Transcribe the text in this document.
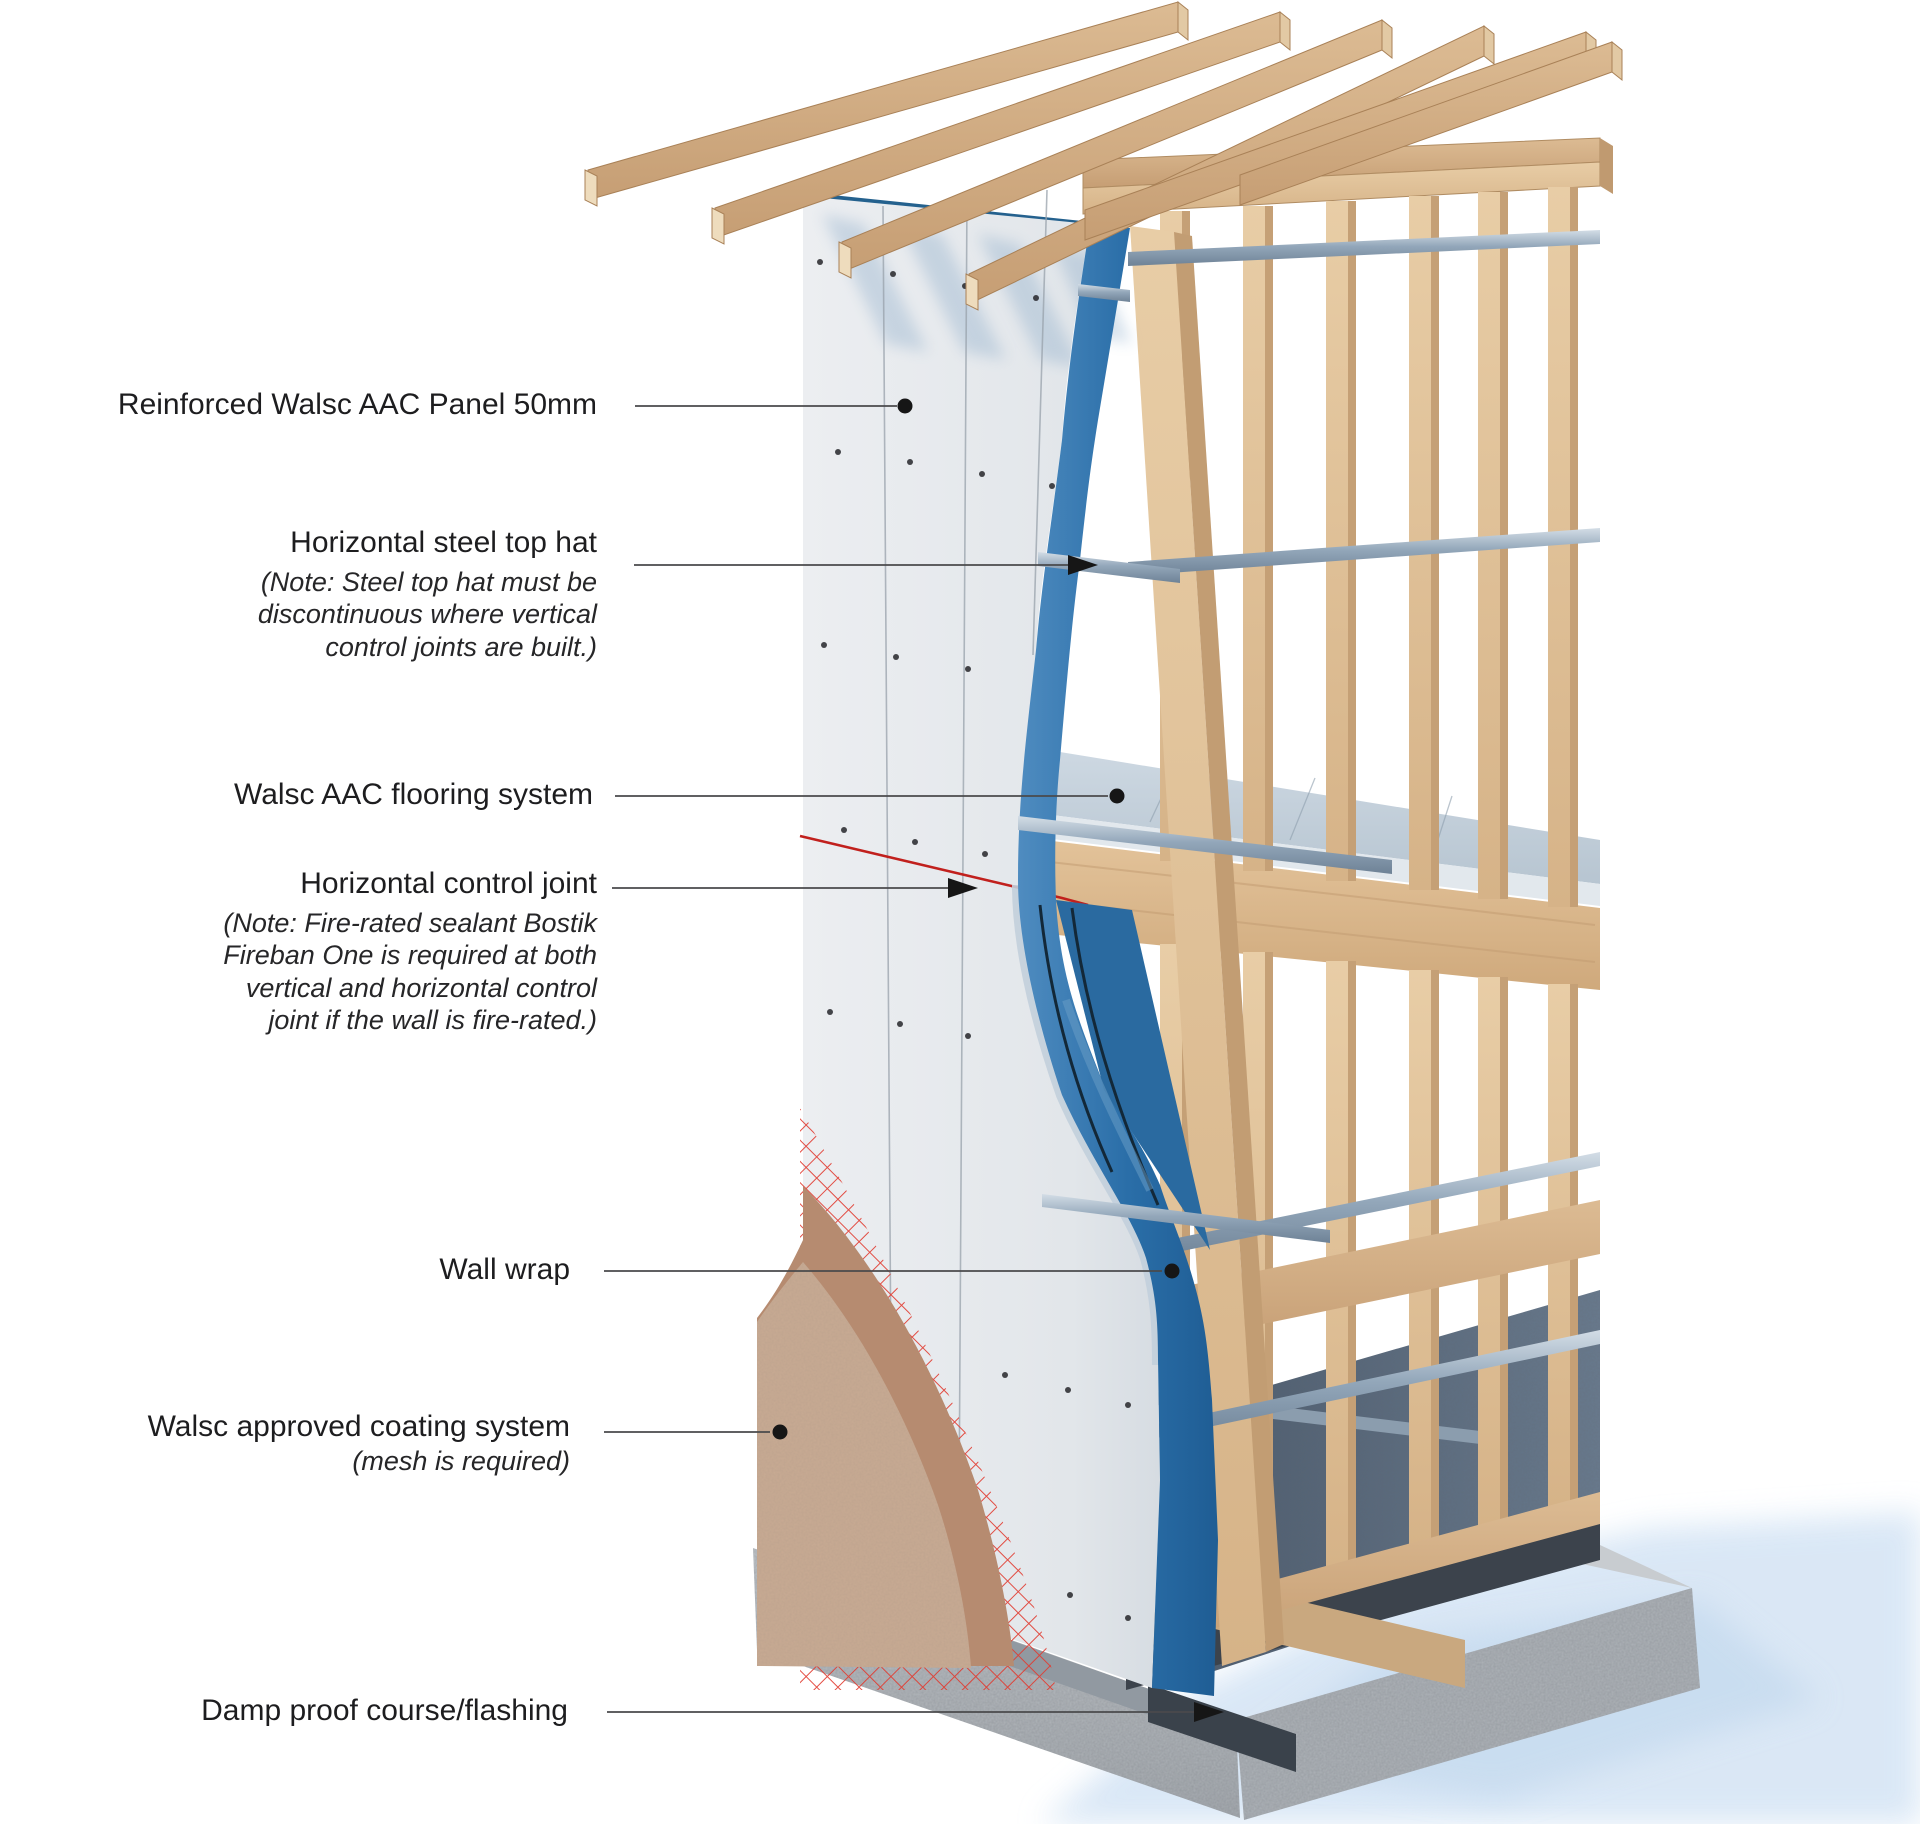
Reinforced Walsc AAC Panel 50mm
Horizontal steel top hat
(Note: Steel top hat must be
discontinuous where vertical
control joints are built.)
Walsc AAC flooring system
Horizontal control joint
(Note: Fire-rated sealant Bostik
Fireban One is required at both
vertical and horizontal control
joint if the wall is fire-rated.)
Wall wrap
Walsc approved coating system
(mesh is required)
Damp proof course/flashing
